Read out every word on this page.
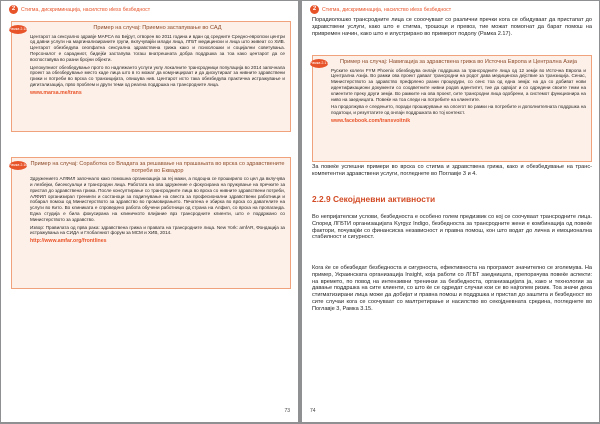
2 Стигма, дискриминација, насилство иless безбедност
Рамка 2.15	Пример на случај: Приемно застапување во САД

Центарот за сексуално здравје МАРСА во Бејрут, отворен во 2011 година и вдан од средните Средно-европски центри од давни услуги на маргинализираните групи, вклучувајќи млади лица, ЛГБТ медицински и лица што живеат со ХИВ. Центарот обезбедува сеопфатна сексуална здравствена грижа како и психолошки и социјални советувања. Персоналот е сарадниот, бидејќи застапува тогаш внатрешната добра поддршка за тоа како центарот да се воспоставува во разни бројни објекти.

Целокупниот обезбедување прото по надлежанто услуги уклу локалните трансродници популација во 2014 започнала проект за обезбедување место каде лица што в го можат да комуницираат и да дискутираат за нивните здравствени грижи и потреби во врска со транзицијата, опишува нив. Центарот исто така обезбедува практична истражување и дигитализација, прво проблем и други теми од реална поддршка на трансродните лица.

www.marsa.me/trans

Рамка 2.16 Пример на случај: Соработка со Владата за решавање на прашањата во врска со здравствените потреби во Еквадор

Здружението АЛФИЛ започнало како помошна организација за геј мажи, а подоцна се проширило со цел да вклучува и лезбејки, бисексуалци и трансродни лица. Работата на ова здружение е фокусирана на пружување на пречките за пристап до здравствена грижа. После консултирање со трансродните лица во врска со нивните здравствени потреби, АЛФИЛ организирал тренинги и состаноци за подигнување на свеста за професионални здравствени работници и побарал помош од Министерството за здравство во промовирањето. Печатена е збирка во врска со давателите на услуги во Кито. Во клиниката е спроведено работа обучени работници од страна на Алфил, со врска на пропаганда. Една студија е била фокусирана на клиничкото влијание врз трансродните клиенти, што е поддржано со Министерството за здравство.

Извор: Правилата од прва рака: здравствена грижа и правата на трансродните лица. New York: amfAR, Фондација за истражувања на СИДА и Глобалниот форум за МСМ и ХИВ, 2014.

http://www.amfar.org/frontlines

73
2 Стигма, дискриминација, насилство иless безбедност

Порадиолошко трансродните лица се сооочуваат со различни пречки когa се обидуваат да пристапат до здравствени услуги, како што е стигма, трошоци и превоз, тие можат помогнат да барат помош на привремен начин, како што е илустрирано во примерот подолу (Рамка 2.17).

Рамка 2.17	Пример на случај: Навигација за здравствена грижа во Источна Европа и Централна Азија

Руските колеги FYM Phoenix обезбедува онлајн поддршка за трансродните лица од 12 земји во Источна Европа и Централна Азија. Во рамки ова проект даваат трансродни на родот дава медицинска дејствиe за транзиција. Сенас, Министерството за здравство префрлено разни процедури, со сенс тоа од една земја: на да со добиват нови идентификациони документи со соодветните нивни родов идентитет, тие да одвојат и со одредени своите теми на клиентите преку други земји. Во рамките на ова проект, сите трансродни лица одобрени, а системот функционира на ниво на заедницата. Повеќе на тоа следи на потребите на клиентите.

На продолжува е следењето, поради проширување на опсегот во рамки на потребите и дополнителната поддршка на податоци, и резултатите од онлајн поддршката во тој контекст.

www.facebook.com/transvoitnik

За повеќе успешни примери во врска со стигма и здравствена грижа, како и обезбедување на транс-компетентни здравствени услуги, погледнете во Поглавје 3 и 4.

2.2.9 Секојдневни активности

Во непријателски услови, безбедноста е особено голем предизвик со кој се соочуваат трансродните лица. Според ЛГБТИ организацијата Kyrgyz Indigo, безбедноста за трансродните жени е комбинација од повеќе фактори, почувајќи со финансиска независност и правна помош, кон што водат до лична и емоционална стабилност и сигурност.

Кога ќе се обезбедат безбедноста и сигурноста, ефективноста на програмот значително се зголемува. На пример, Украинската организација Insight, која работи со ЛГБТ заедницата, препорачува повеќе аспекти: на времето, по повод на интензивни тренинзи за безбедноста, организацијата ја, како и технологии за давање поддршка на сите клиенти, со што ќе се одредат случаи кои се во најголем ризик. Тоа значи дека стигматизирани лица може да добијат и правна помош и поддршка и пристап до заштита и безбедност во сите случаи кога се соочуваат со малтретирање и насилство во секојдневната средина, погледнете во Поглавје 3, Рамка 3.15.

74
